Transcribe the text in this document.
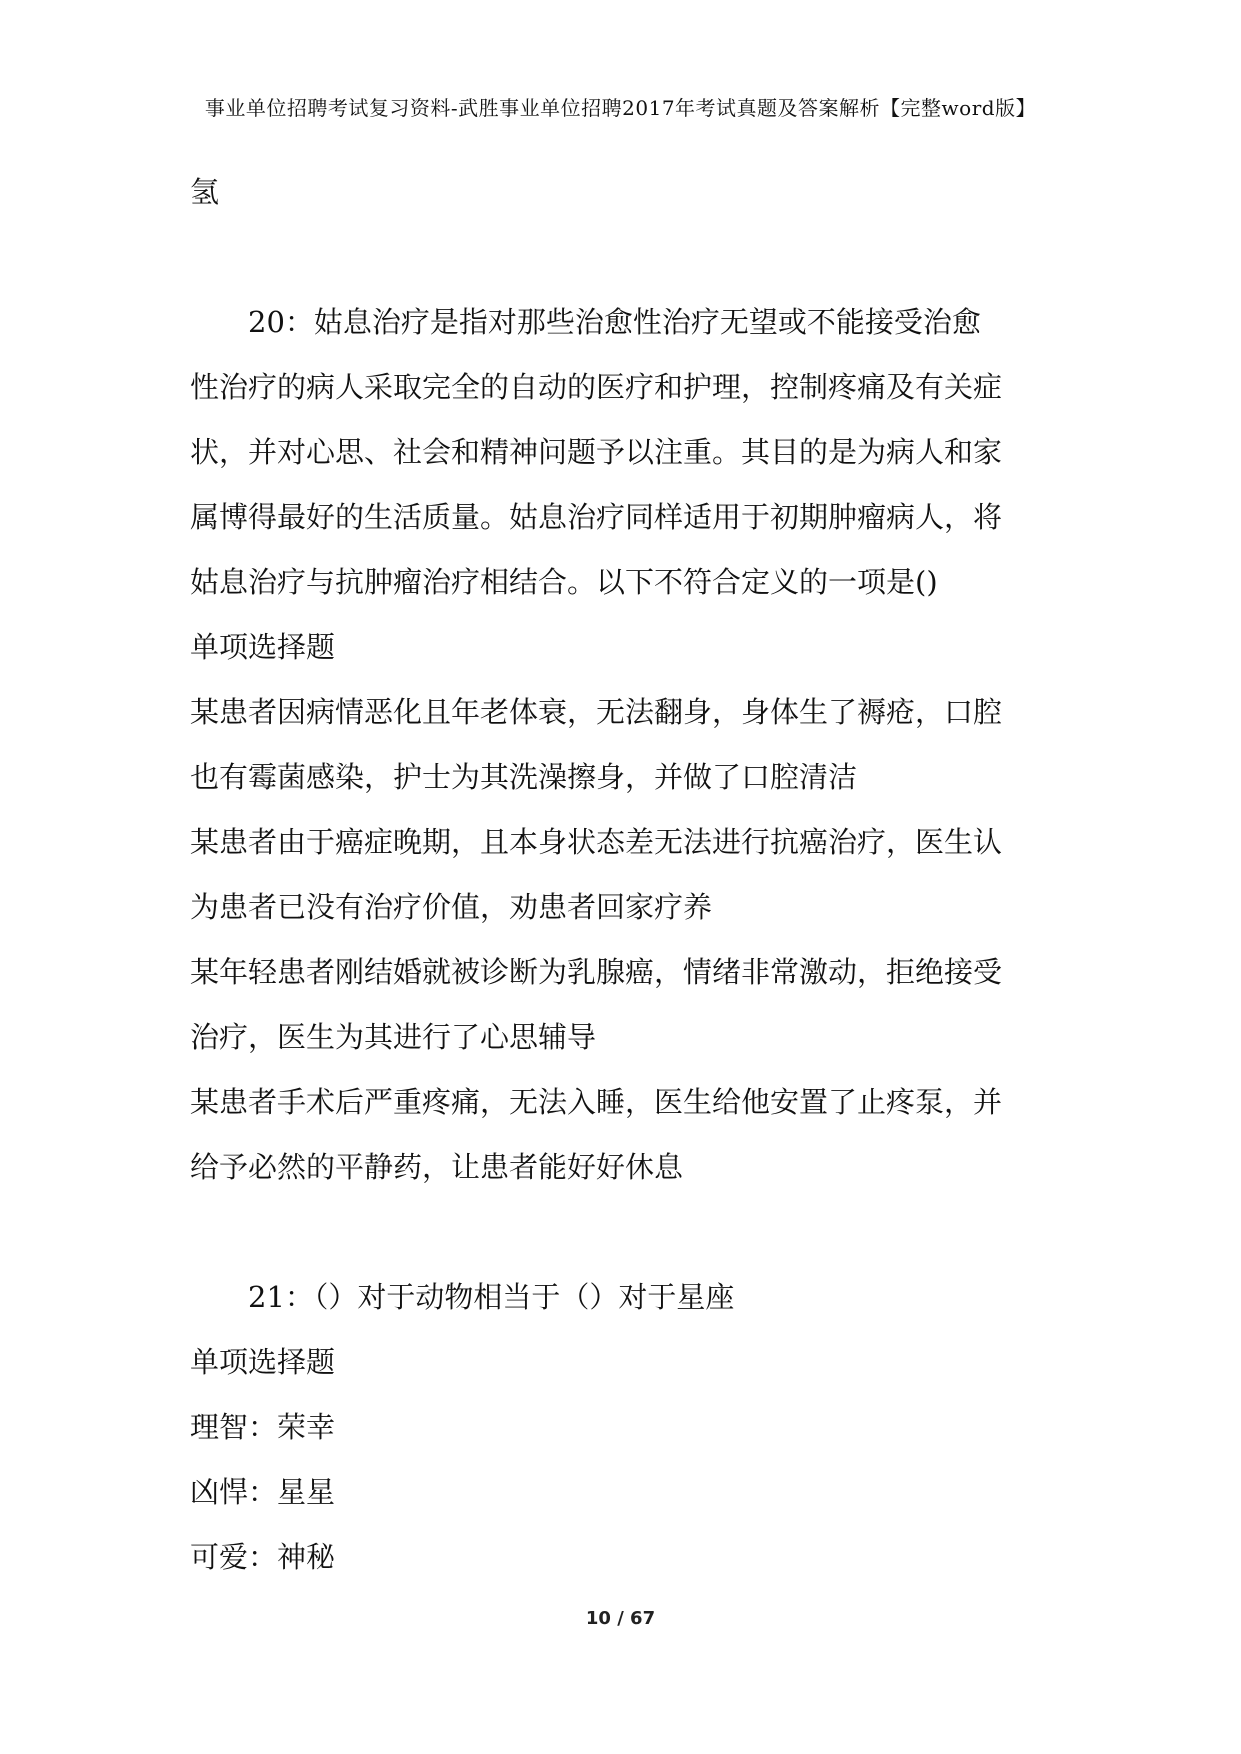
事业单位招聘考试复习资料-武胜事业单位招聘2017年考试真题及答案解析【完整word版】
氢
20：姑息治疗是指对那些治愈性治疗无望或不能接受治愈
性治疗的病人采取完全的自动的医疗和护理，控制疼痛及有关症
状，并对心思、社会和精神问题予以注重。其目的是为病人和家
属博得最好的生活质量。姑息治疗同样适用于初期肿瘤病人，将
姑息治疗与抗肿瘤治疗相结合。以下不符合定义的一项是()
单项选择题
某患者因病情恶化且年老体衰，无法翻身，身体生了褥疮，口腔
也有霉菌感染，护士为其洗澡擦身，并做了口腔清洁
某患者由于癌症晚期，且本身状态差无法进行抗癌治疗，医生认
为患者已没有治疗价值，劝患者回家疗养
某年轻患者刚结婚就被诊断为乳腺癌，情绪非常激动，拒绝接受
治疗，医生为其进行了心思辅导
某患者手术后严重疼痛，无法入睡，医生给他安置了止疼泵，并
给予必然的平静药，让患者能好好休息
21：（）对于动物相当于（）对于星座
单项选择题
理智：荣幸
凶悍：星星
可爱：神秘
10 / 67
